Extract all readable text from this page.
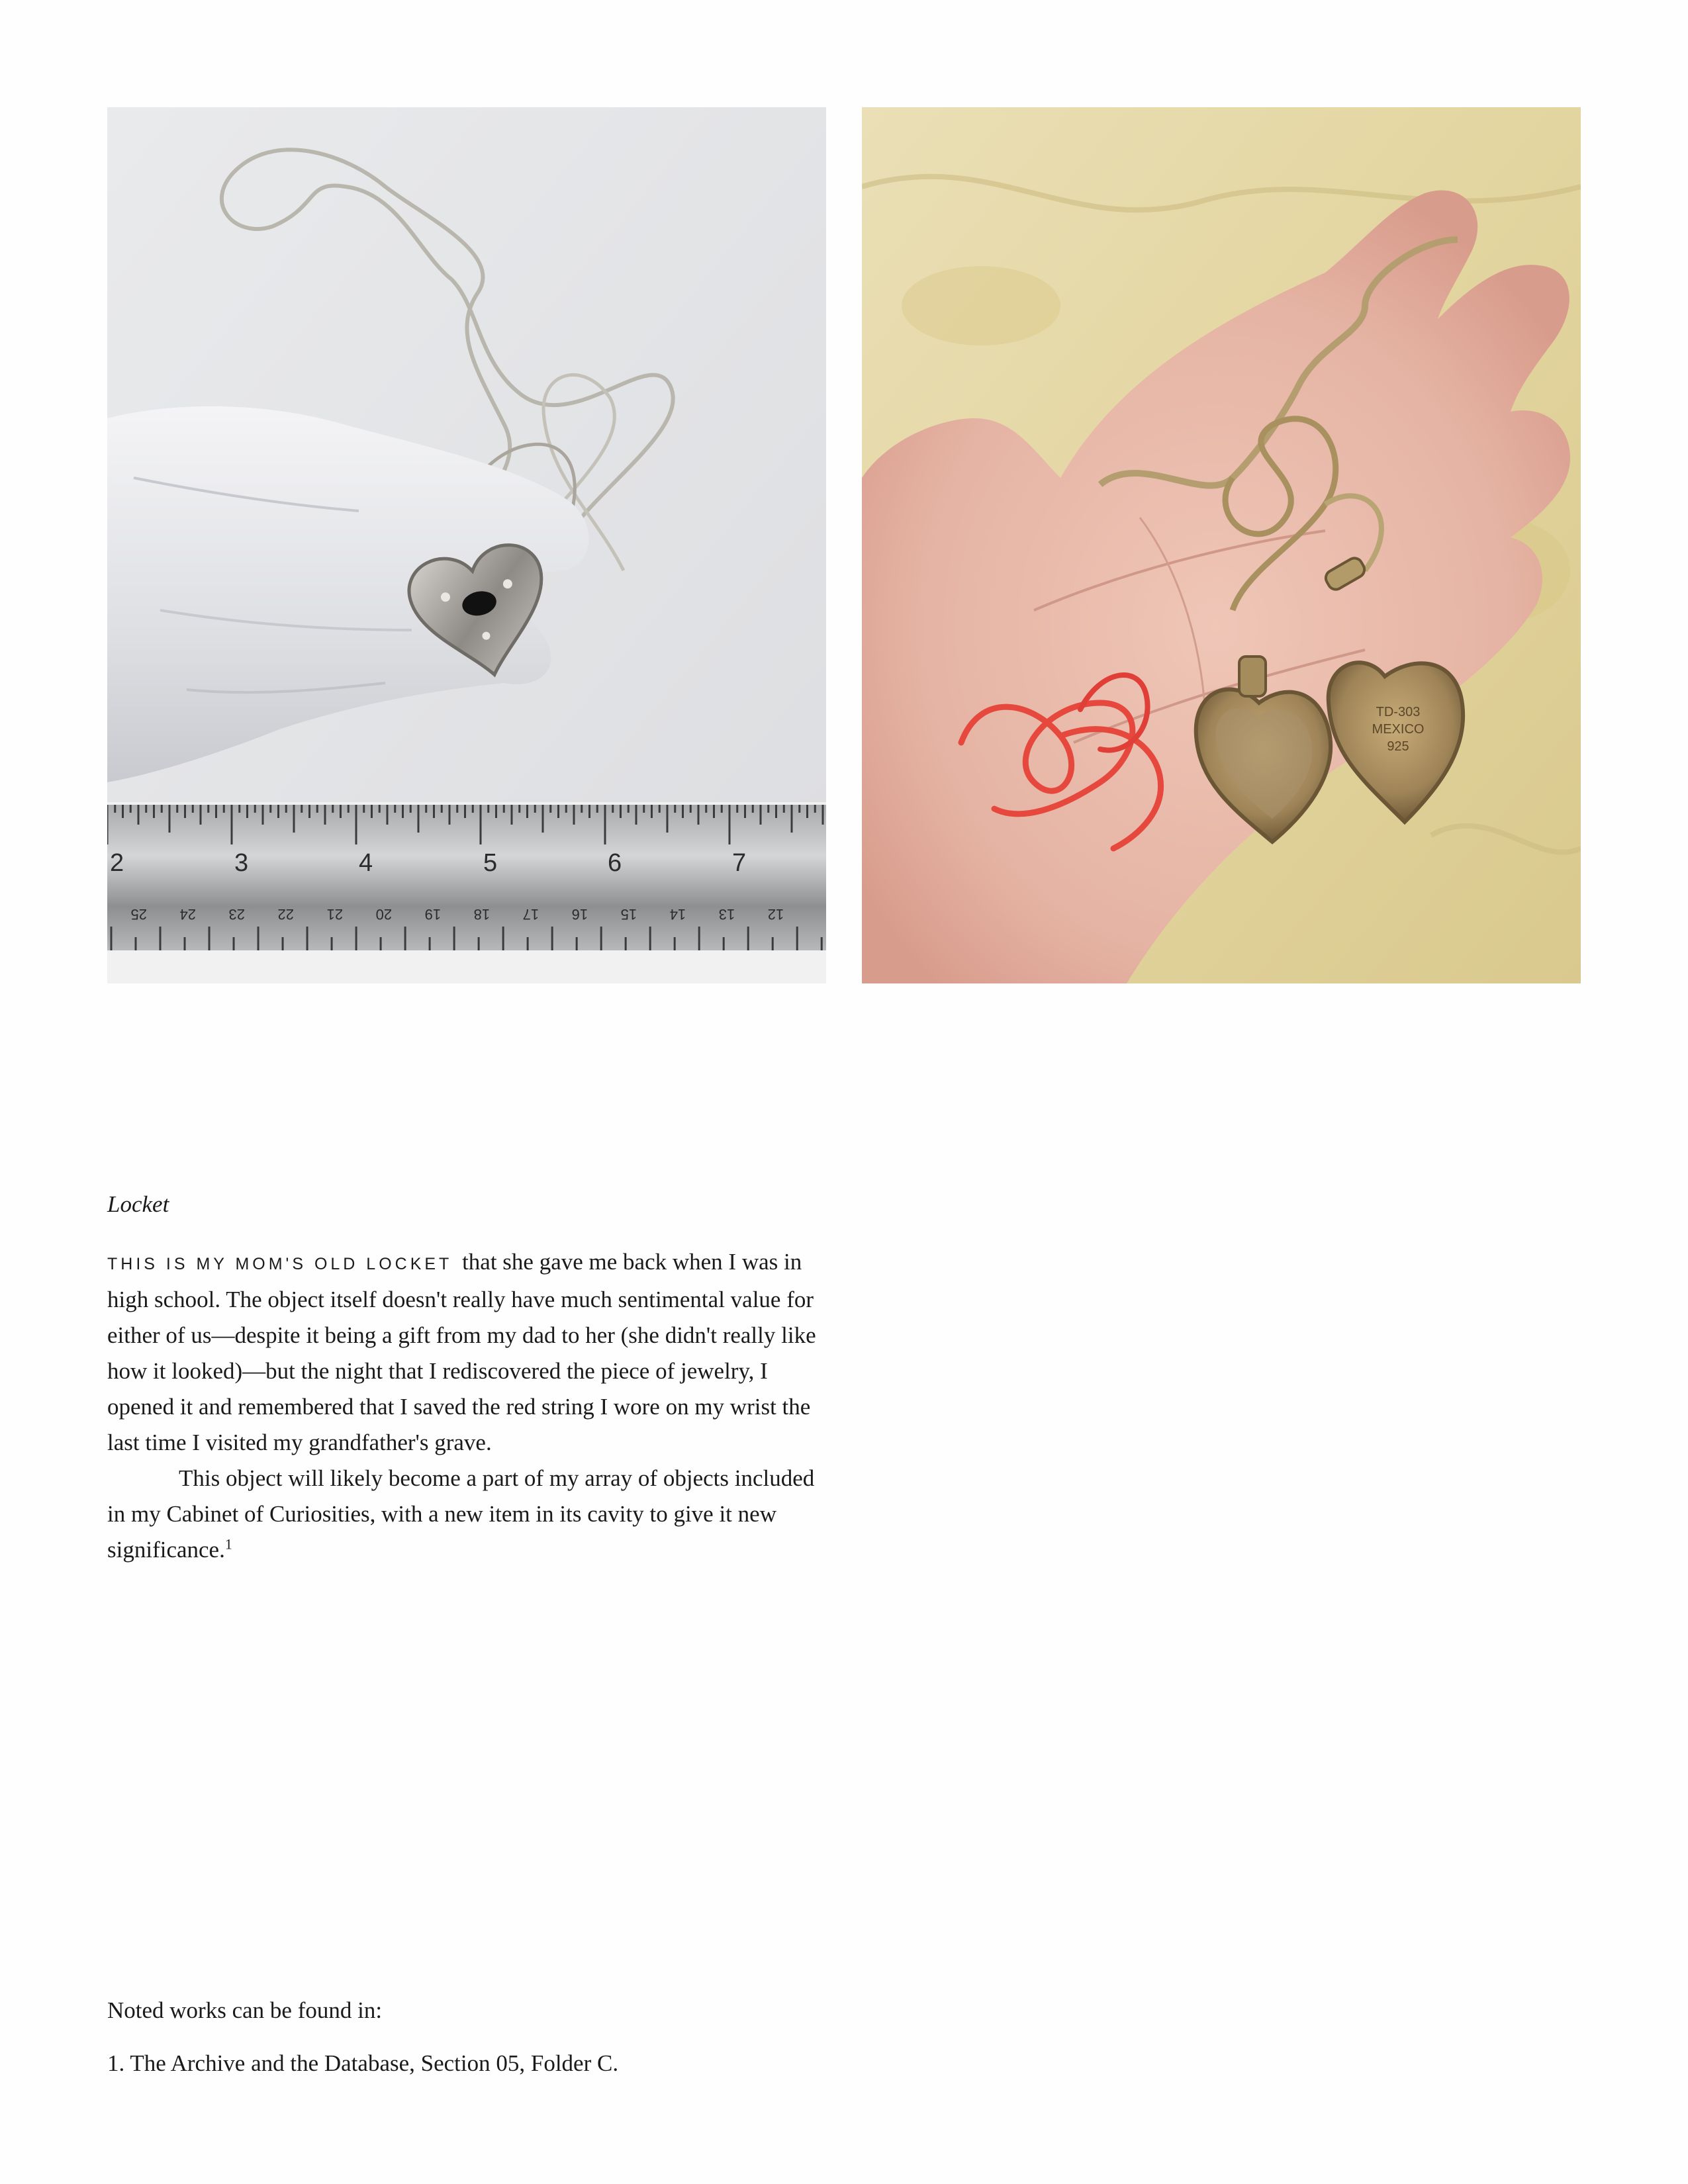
2	3	4	5	6	7
25 24 23 22 21 20 19 18 17 16 15 14 13 12
TD-303
MEXICO
925
Locket

THIS IS MY MOM'S OLD LOCKET that she gave me back when I was in high school. The object itself doesn't really have much sentimental value for either of us—despite it being a gift from my dad to her (she didn't really like how it looked)—but the night that I rediscovered the piece of jewelry, I opened it and remembered that I saved the red string I wore on my wrist the last time I visited my grandfather's grave.

This object will likely become a part of my array of objects included in my Cabinet of Curiosities, with a new item in its cavity to give it new significance.$^1$

Noted works can be found in:
1. The Archive and the Database, Section 05, Folder C.
